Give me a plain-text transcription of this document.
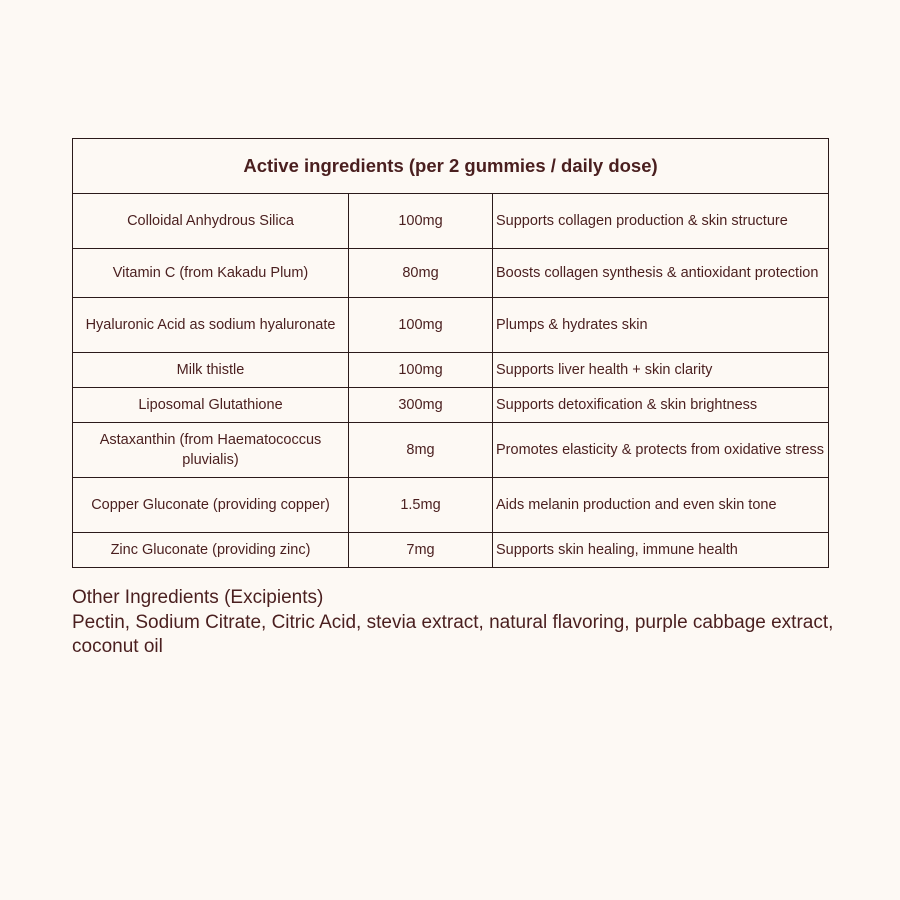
Active ingredients (per 2 gummies / daily dose)		
Colloidal Anhydrous Silica	100mg	Supports collagen production & skin structure
Vitamin C (from Kakadu Plum)	80mg	Boosts collagen synthesis & antioxidant protection
Hyaluronic Acid as sodium hyaluronate	100mg	Plumps & hydrates skin
Milk thistle	100mg	Supports liver health + skin clarity
Liposomal Glutathione	300mg	Supports detoxification & skin brightness
Astaxanthin (from Haematococcus pluvialis)	8mg	Promotes elasticity & protects from oxidative stress
Copper Gluconate (providing copper)	1.5mg	Aids melanin production and even skin tone
Zinc Gluconate (providing zinc)	7mg	Supports skin healing, immune health

Other Ingredients (Excipients)

Pectin, Sodium Citrate, Citric Acid, stevia extract, natural flavoring, purple cabbage extract, coconut oil
